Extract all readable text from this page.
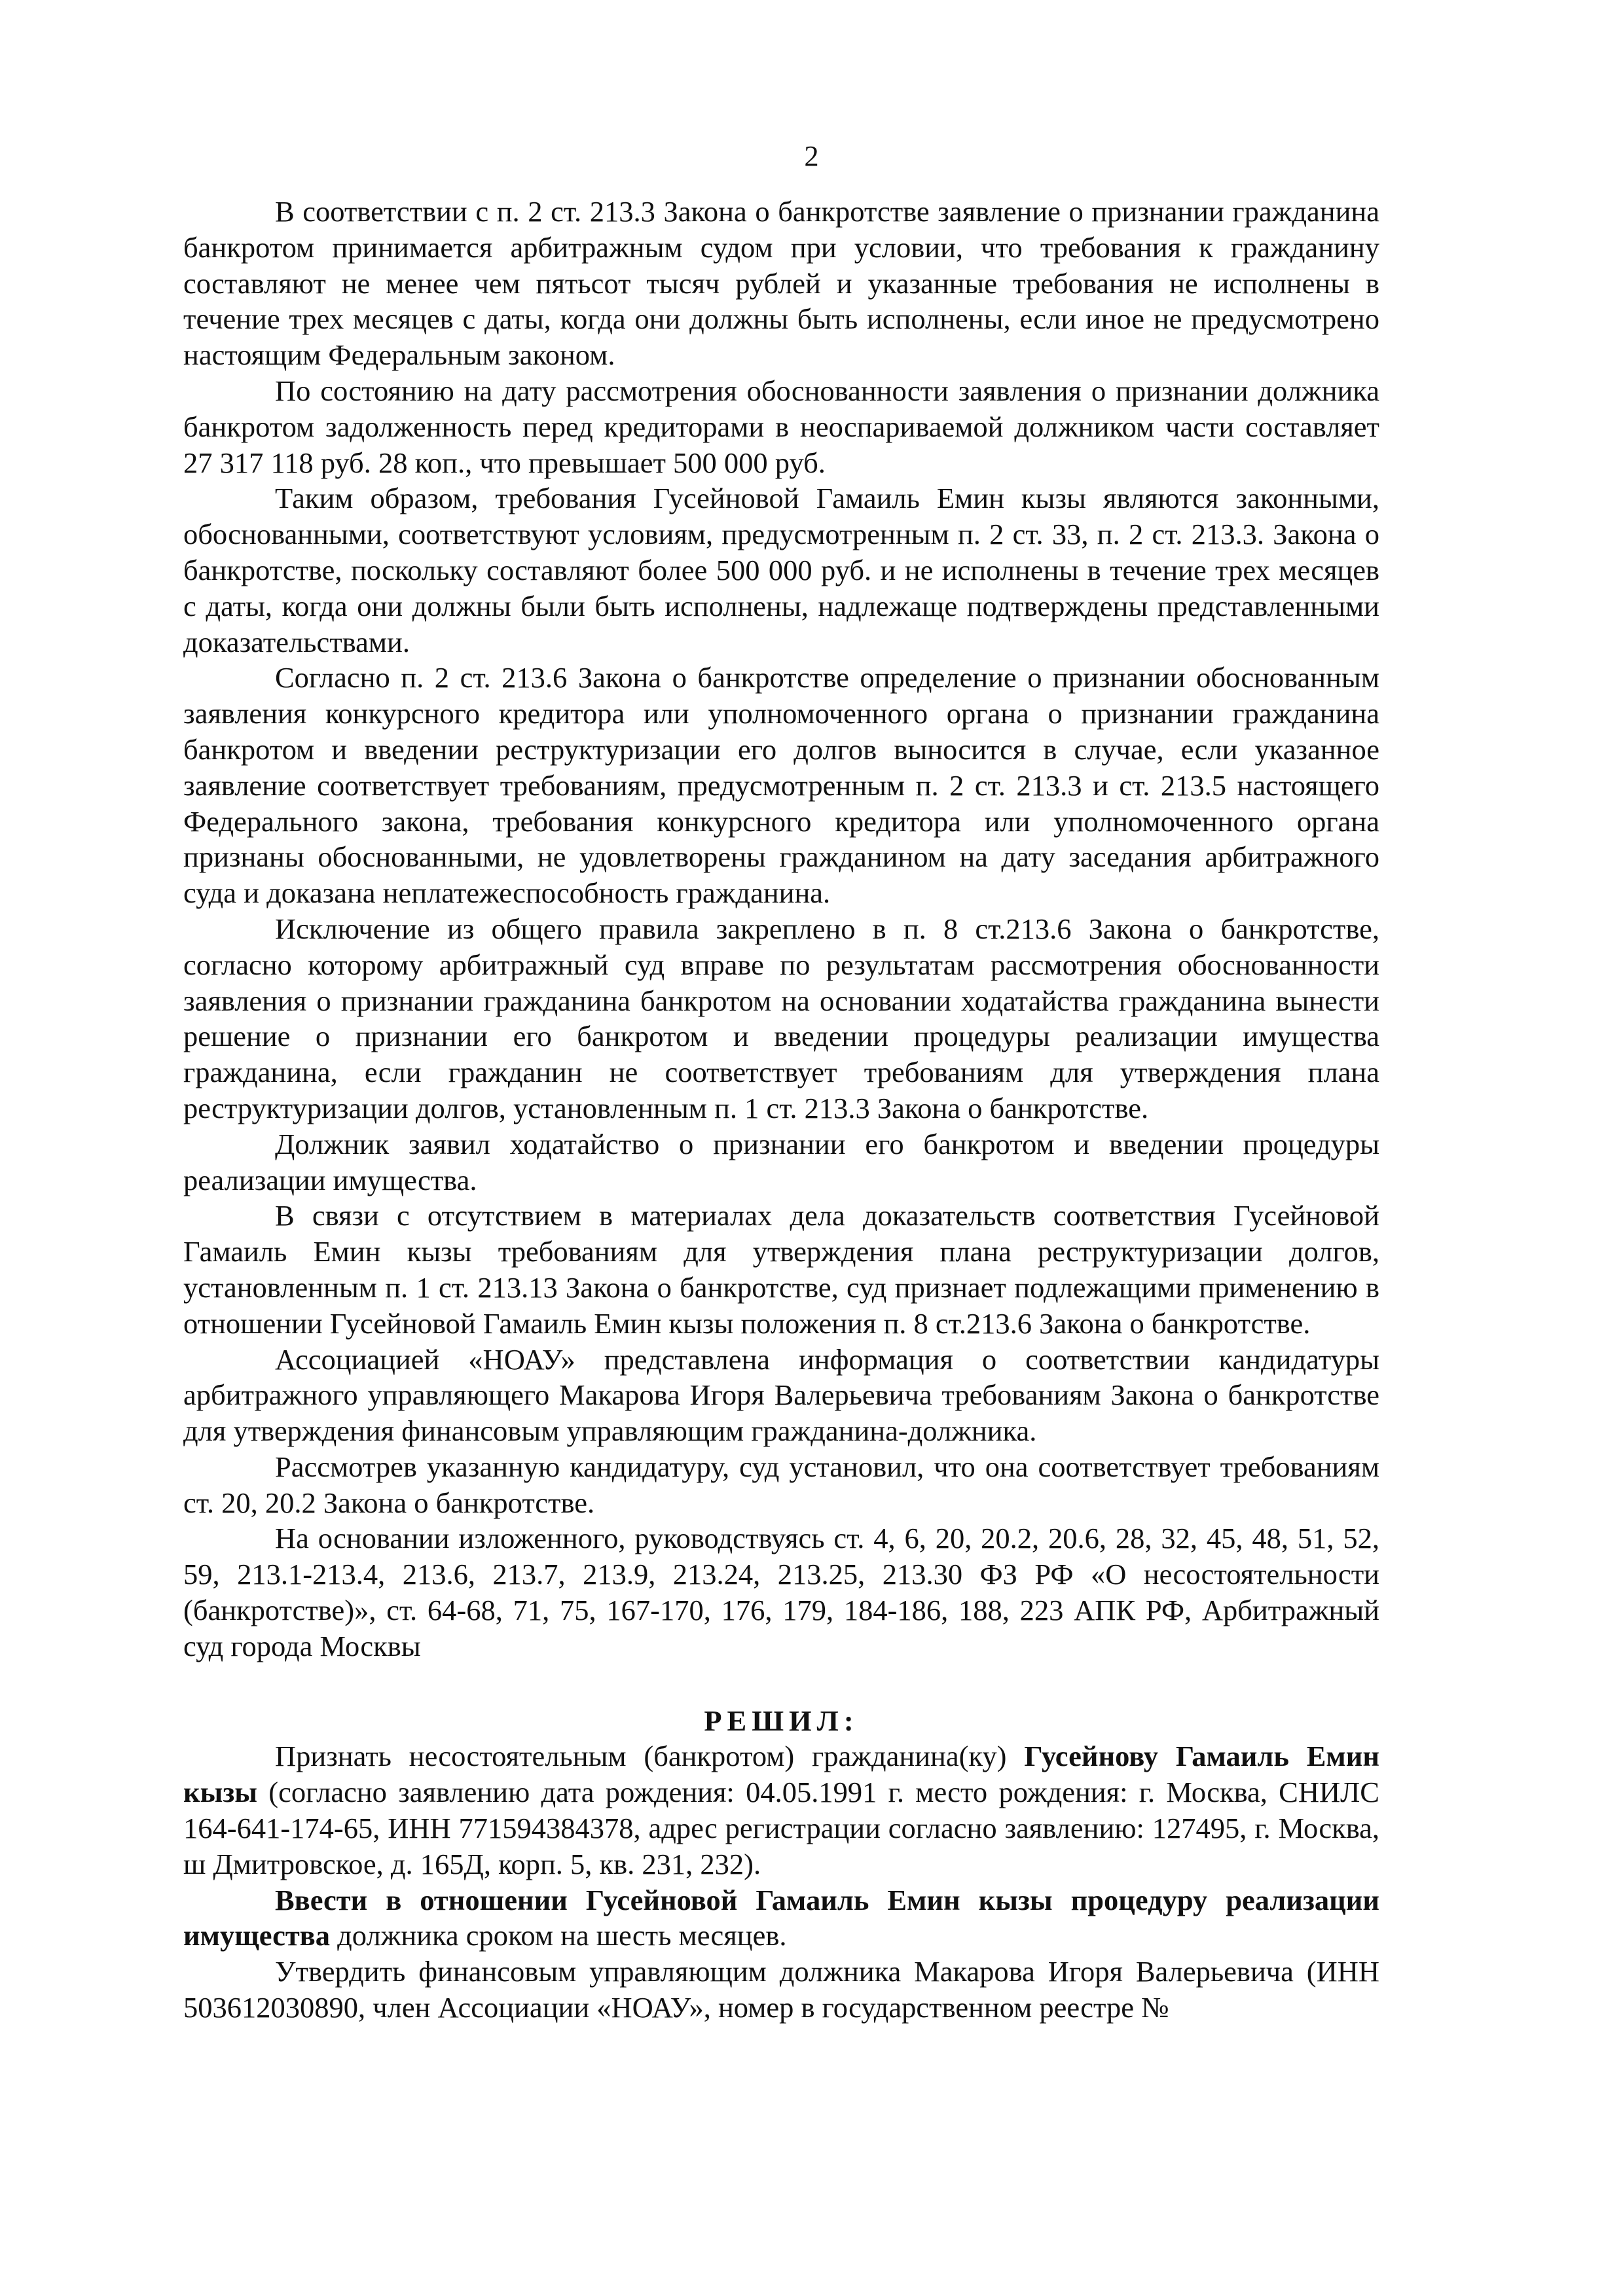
2

В соответствии с п. 2 ст. 213.3 Закона о банкротстве заявление о признании гражданина банкротом принимается арбитражным судом при условии, что требования к гражданину составляют не менее чем пятьсот тысяч рублей и указанные требования не исполнены в течение трех месяцев с даты, когда они должны быть исполнены, если иное не предусмотрено настоящим Федеральным законом.

По состоянию на дату рассмотрения обоснованности заявления о признании должника банкротом задолженность перед кредиторами в неоспариваемой должником части составляет 27 317 118 руб. 28 коп., что превышает 500 000 руб.

Таким образом, требования Гусейновой Гамаиль Емин кызы являются законными, обоснованными, соответствуют условиям, предусмотренным п. 2 ст. 33, п. 2 ст. 213.3. Закона о банкротстве, поскольку составляют более 500 000 руб. и не исполнены в течение трех месяцев с даты, когда они должны были быть исполнены, надлежаще подтверждены представленными доказательствами.

Согласно п. 2 ст. 213.6 Закона о банкротстве определение о признании обоснованным заявления конкурсного кредитора или уполномоченного органа о признании гражданина банкротом и введении реструктуризации его долгов выносится в случае, если указанное заявление соответствует требованиям, предусмотренным п. 2 ст. 213.3 и ст. 213.5 настоящего Федерального закона, требования конкурсного кредитора или уполномоченного органа признаны обоснованными, не удовлетворены гражданином на дату заседания арбитражного суда и доказана неплатежеспособность гражданина.

Исключение из общего правила закреплено в п. 8 ст.213.6 Закона о банкротстве, согласно которому арбитражный суд вправе по результатам рассмотрения обоснованности заявления о признании гражданина банкротом на основании ходатайства гражданина вынести решение о признании его банкротом и введении процедуры реализации имущества гражданина, если гражданин не соответствует требованиям для утверждения плана реструктуризации долгов, установленным п. 1 ст. 213.3 Закона о банкротстве.

Должник заявил ходатайство о признании его банкротом и введении процедуры реализации имущества.

В связи с отсутствием в материалах дела доказательств соответствия Гусейновой Гамаиль Емин кызы требованиям для утверждения плана реструктуризации долгов, установленным п. 1 ст. 213.13 Закона о банкротстве, суд признает подлежащими применению в отношении Гусейновой Гамаиль Емин кызы положения п. 8 ст.213.6 Закона о банкротстве.

Ассоциацией «НОАУ» представлена информация о соответствии кандидатуры арбитражного управляющего Макарова Игоря Валерьевича требованиям Закона о банкротстве для утверждения финансовым управляющим гражданина-должника.

Рассмотрев указанную кандидатуру, суд установил, что она соответствует требованиям ст. 20, 20.2 Закона о банкротстве.

На основании изложенного, руководствуясь ст. 4, 6, 20, 20.2, 20.6, 28, 32, 45, 48, 51, 52, 59, 213.1-213.4, 213.6, 213.7, 213.9, 213.24, 213.25, 213.30 ФЗ РФ «О несостоятельности (банкротстве)», ст. 64-68, 71, 75, 167-170, 176, 179, 184-186, 188, 223 АПК РФ, Арбитражный суд города Москвы

РЕШИЛ:

Признать несостоятельным (банкротом) гражданина(ку) Гусейнову Гамаиль Емин кызы (согласно заявлению дата рождения: 04.05.1991 г. место рождения: г. Москва, СНИЛС 164-641-174-65, ИНН 771594384378, адрес регистрации согласно заявлению: 127495, г. Москва, ш Дмитровское, д. 165Д, корп. 5, кв. 231, 232).

Ввести в отношении Гусейновой Гамаиль Емин кызы процедуру реализации имущества должника сроком на шесть месяцев.

Утвердить финансовым управляющим должника Макарова Игоря Валерьевича (ИНН 503612030890, член Ассоциации «НОАУ», номер в государственном реестре №
